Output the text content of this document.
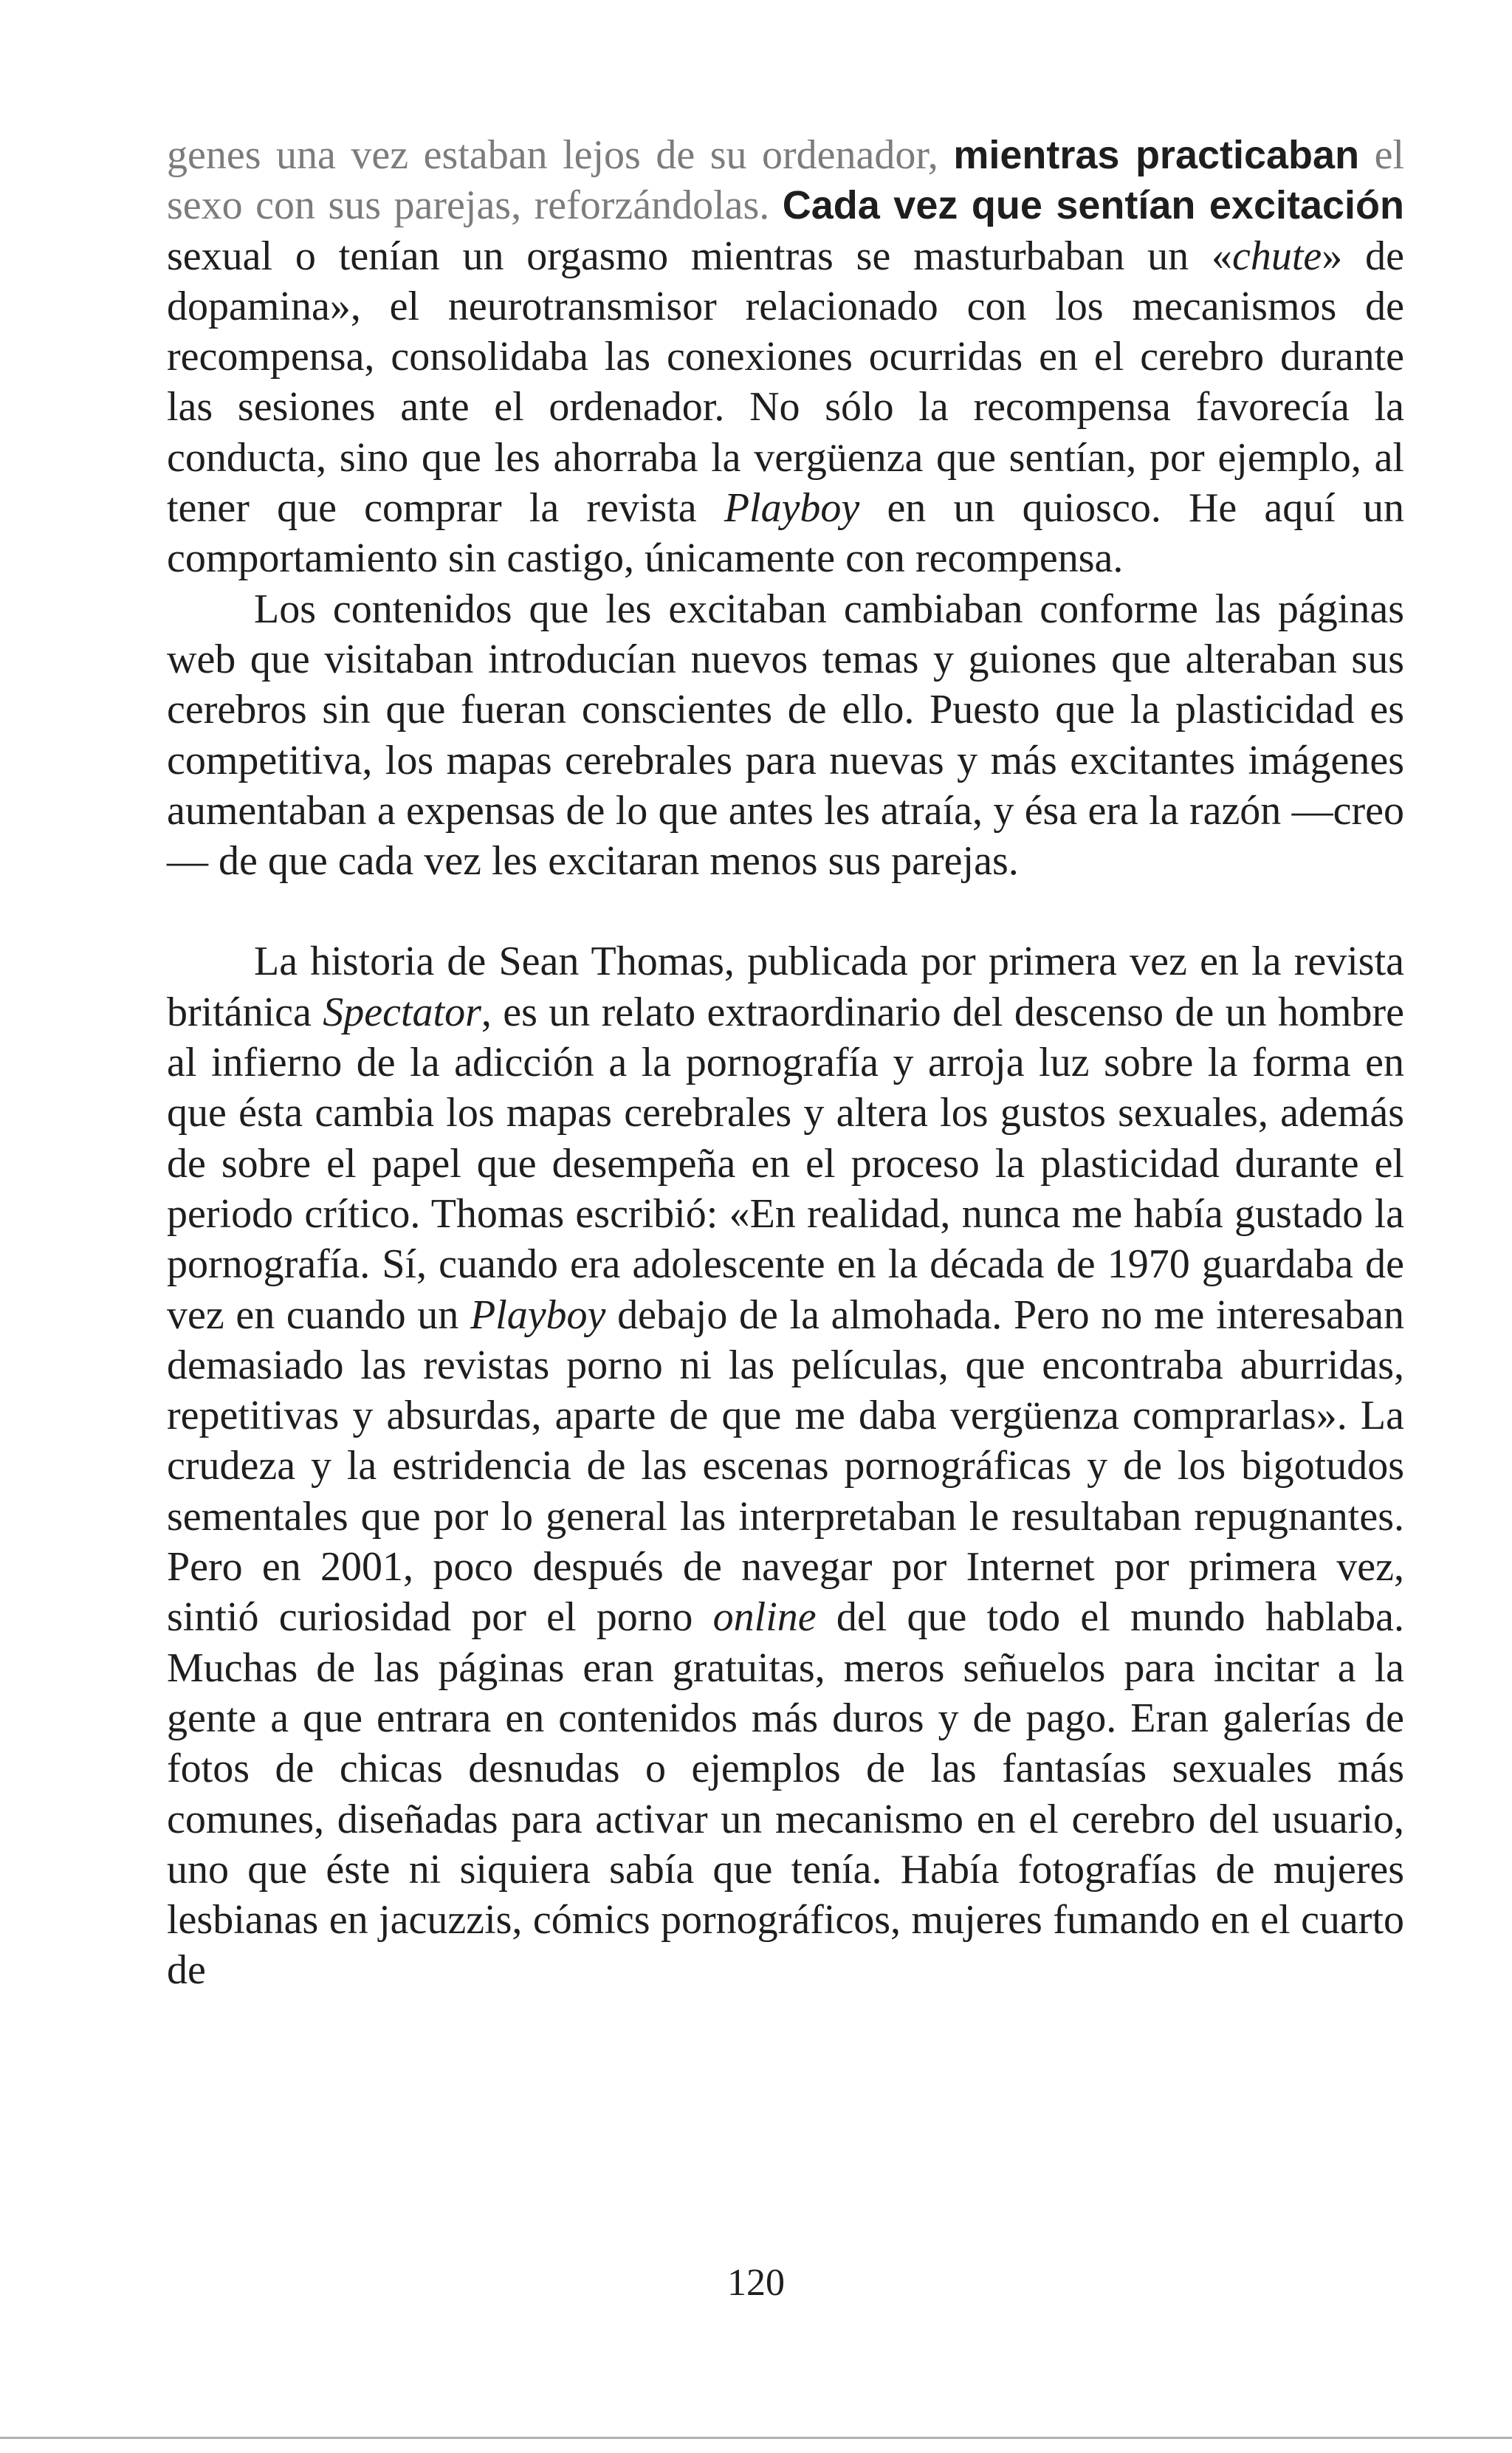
genes una vez estaban lejos de su ordenador, mientras practicaban el sexo con sus parejas, reforzándolas. Cada vez que sentían excitación sexual o tenían un orgasmo mientras se masturbaban un «chute» de dopamina», el neurotransmisor relacionado con los mecanismos de recompensa, consolidaba las conexiones ocurridas en el cerebro durante las sesiones ante el ordenador. No sólo la recompensa favorecía la conducta, sino que les ahorraba la vergüenza que sentían, por ejemplo, al tener que comprar la revista Playboy en un quiosco. He aquí un comportamiento sin castigo, únicamente con recompensa.

Los contenidos que les excitaban cambiaban conforme las páginas web que visitaban introducían nuevos temas y guiones que alteraban sus cerebros sin que fueran conscientes de ello. Puesto que la plasticidad es competitiva, los mapas cerebrales para nuevas y más excitantes imágenes aumentaban a expensas de lo que antes les atraía, y ésa era la razón —creo— de que cada vez les excitaran menos sus parejas.

La historia de Sean Thomas, publicada por primera vez en la revista británica Spectator, es un relato extraordinario del descenso de un hombre al infierno de la adicción a la pornografía y arroja luz sobre la forma en que ésta cambia los mapas cerebrales y altera los gustos sexuales, además de sobre el papel que desempeña en el proceso la plasticidad durante el periodo crítico. Thomas escribió: «En realidad, nunca me había gustado la pornografía. Sí, cuando era adolescente en la década de 1970 guardaba de vez en cuando un Playboy debajo de la almohada. Pero no me interesaban demasiado las revistas porno ni las películas, que encontraba aburridas, repetitivas y absurdas, aparte de que me daba vergüenza comprarlas». La crudeza y la estridencia de las escenas pornográficas y de los bigotudos sementales que por lo general las interpretaban le resultaban repugnantes. Pero en 2001, poco después de navegar por Internet por primera vez, sintió curiosidad por el porno online del que todo el mundo hablaba. Muchas de las páginas eran gratuitas, meros señuelos para incitar a la gente a que entrara en contenidos más duros y de pago. Eran galerías de fotos de chicas desnudas o ejemplos de las fantasías sexuales más comunes, diseñadas para activar un mecanismo en el cerebro del usuario, uno que éste ni siquiera sabía que tenía. Había fotografías de mujeres lesbianas en jacuzzis, cómics pornográficos, mujeres fumando en el cuarto de

120
